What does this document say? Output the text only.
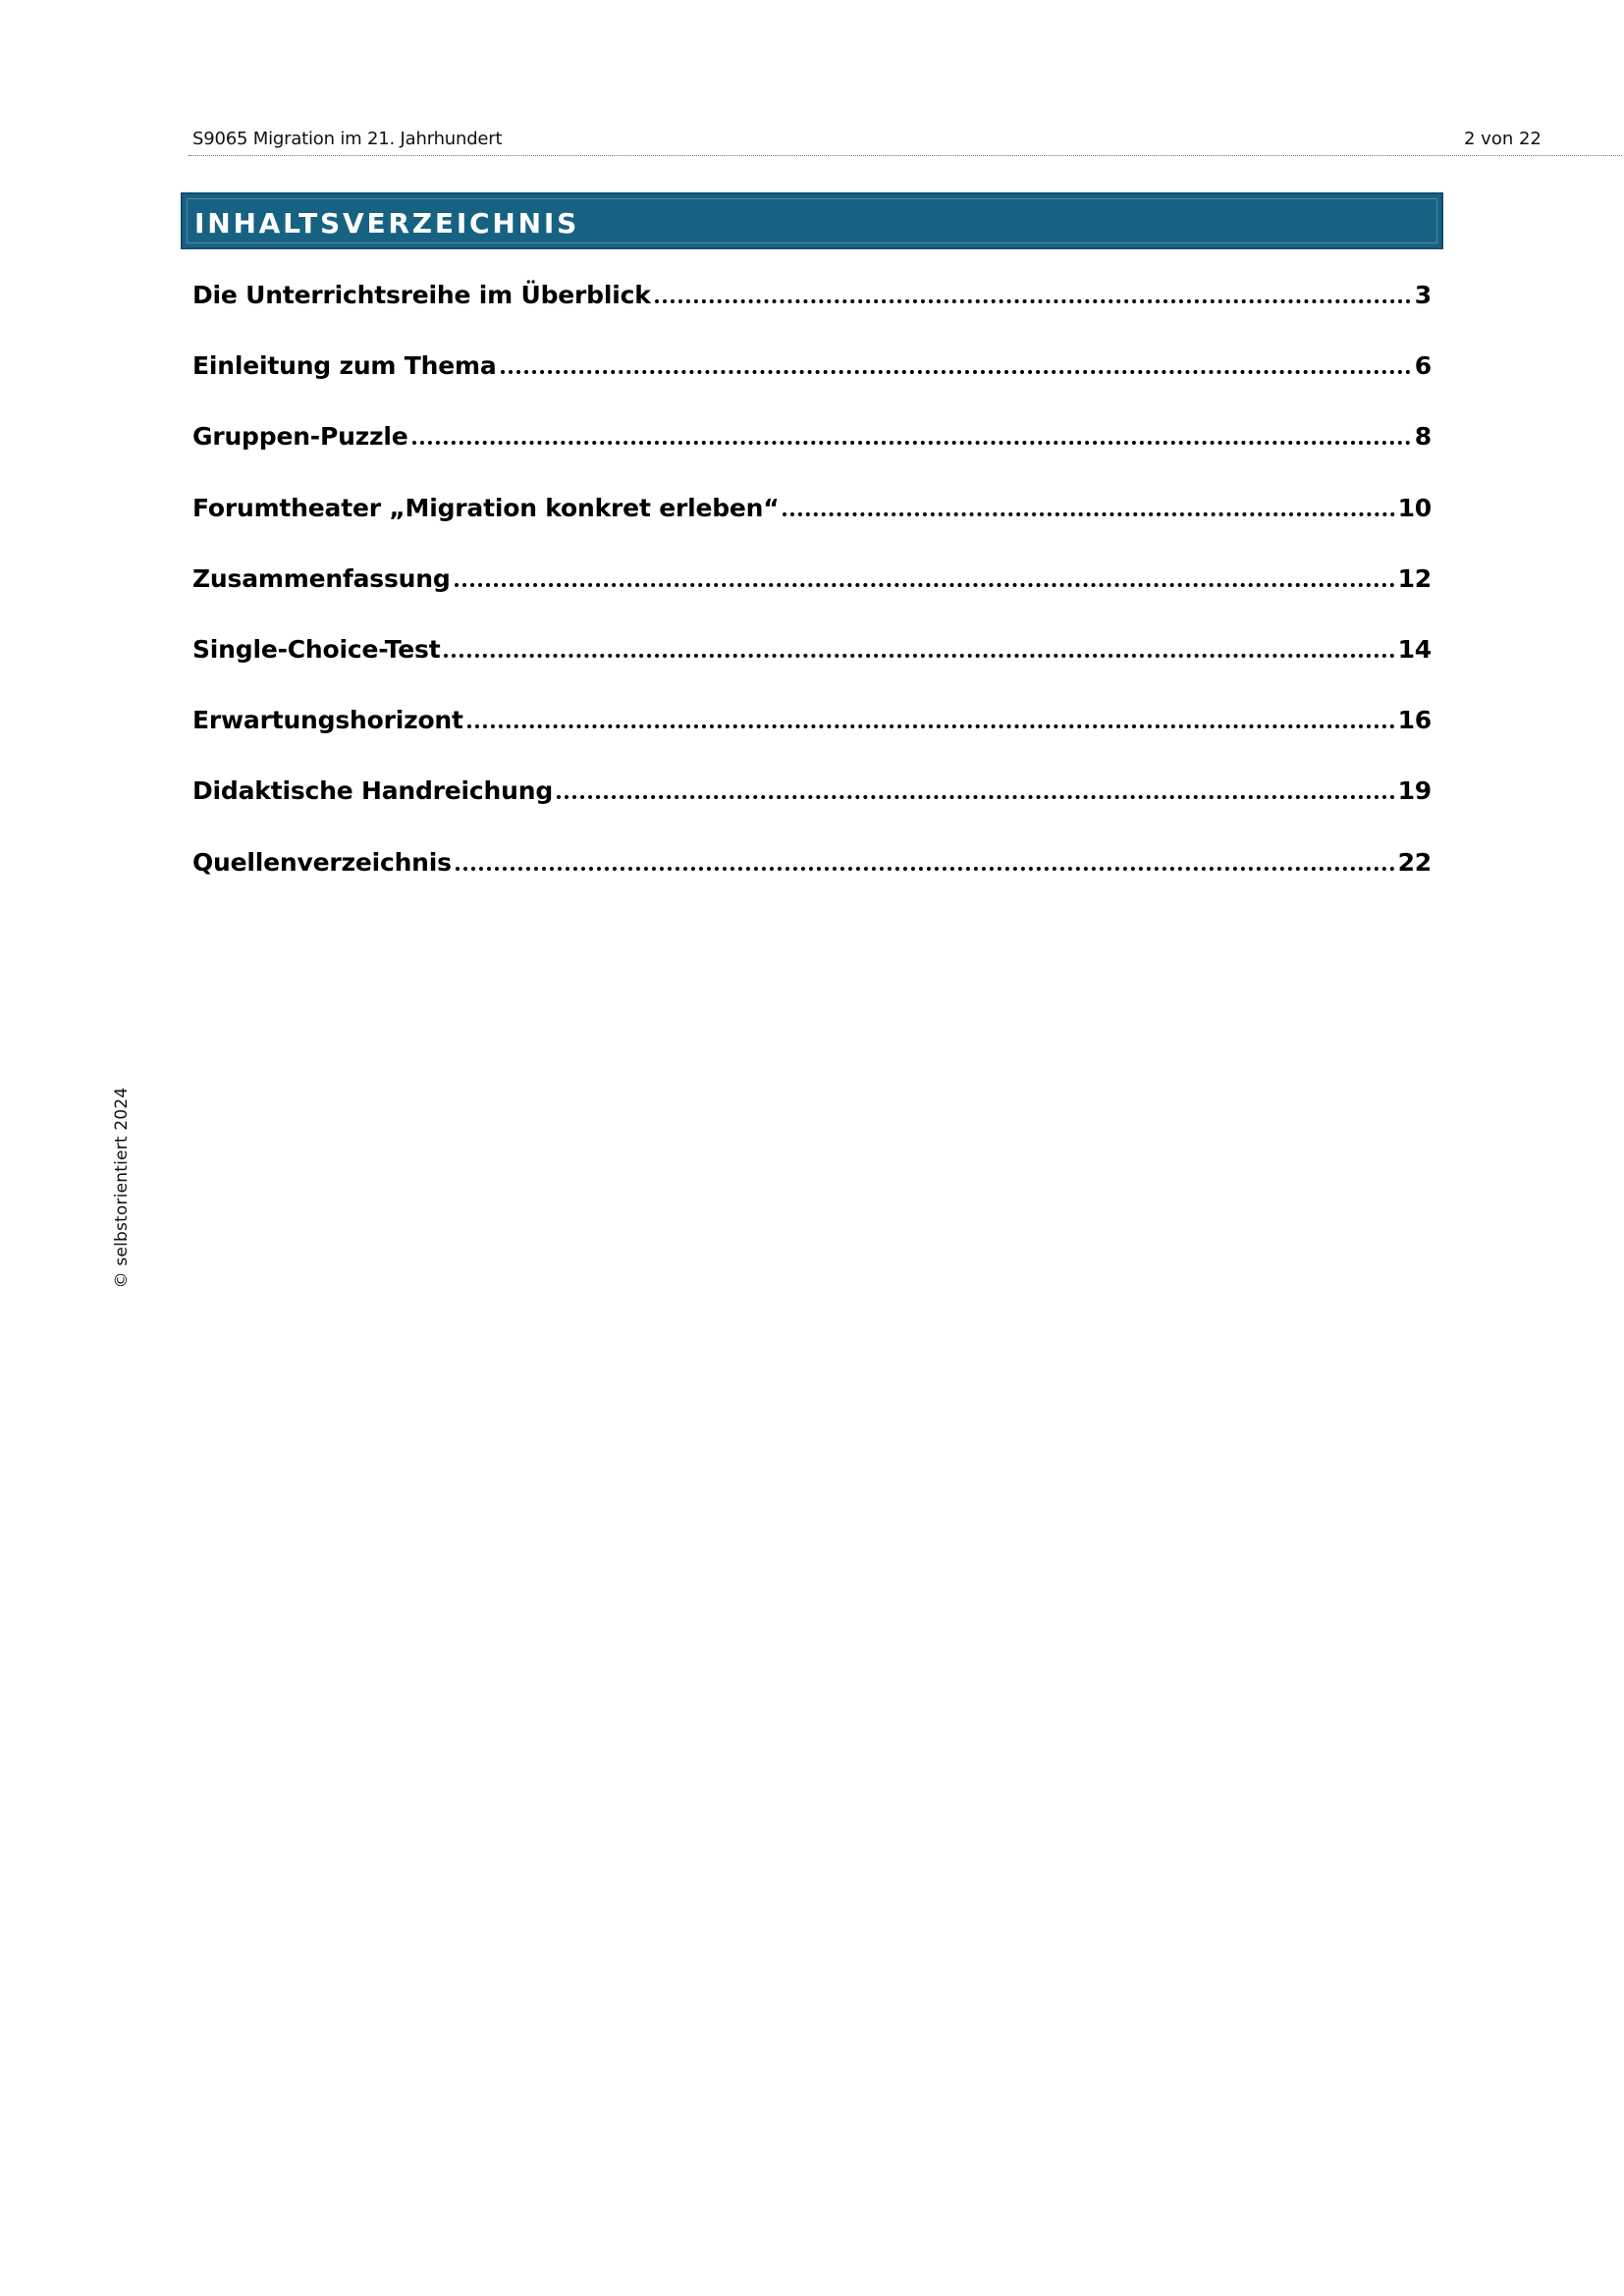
S9065 Migration im 21. Jahrhundert	2 von 22
INHALTSVERZEICHNIS
Die Unterrichtsreihe im Überblick	3
Einleitung zum Thema	6
Gruppen-Puzzle	8
Forumtheater „Migration konkret erleben“	10
Zusammenfassung	12
Single-Choice-Test	14
Erwartungshorizont	16
Didaktische Handreichung	19
Quellenverzeichnis	22
© selbstorientiert 2024
